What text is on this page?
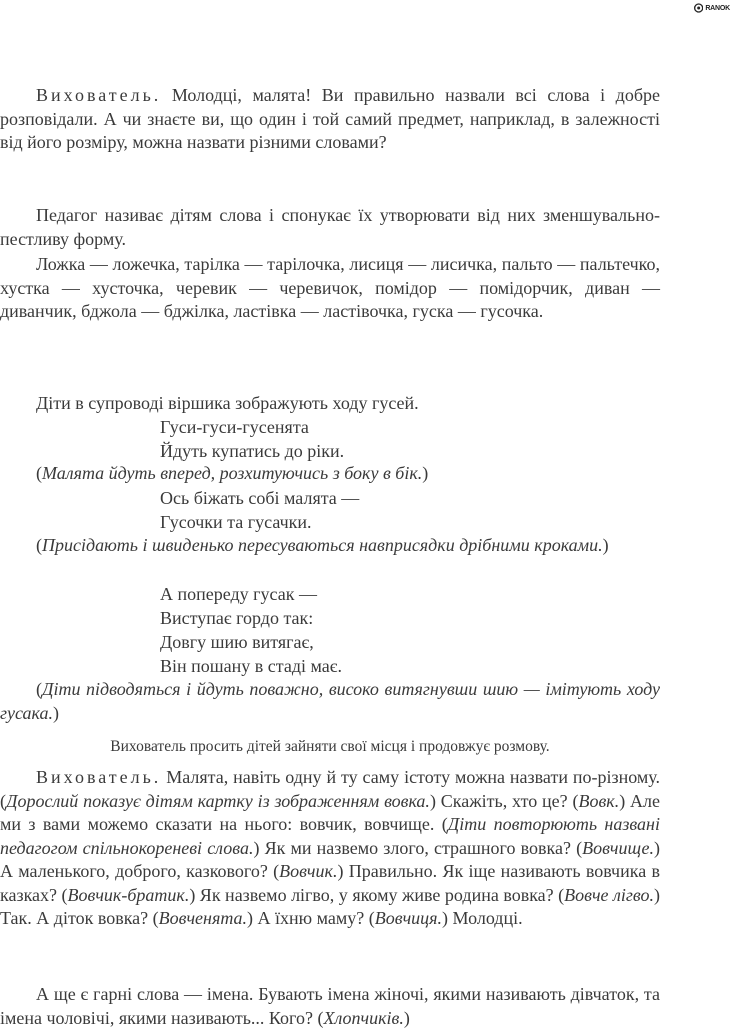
RANOK

Вихователь. Молодці, малята! Ви правильно назвали всі слова і добре розповідали. А чи знаєте ви, що один і той самий предмет, наприклад, в залежності від його розміру, можна назвати різними словами?

Педагог називає дітям слова і спонукає їх утворювати від них зменшувально-пестливу форму.

Ложка — ложечка, тарілка — тарілочка, лисиця — лисичка, пальто — пальтечко, хустка — хусточка, черевик — черевичок, помідор — помідорчик, диван — диванчик, бджола — бджілка, ластівка — ластівочка, гуска — гусочка.

Діти в супроводі віршика зображують ходу гусей.

Гуси-гуси-гусенята

Йдуть купатись до ріки.

(Малята йдуть вперед, розхитуючись з боку в бік.)

Ось біжать собі малята —

Гусочки та гусачки.

(Присідають і швиденько пересуваються навприсядки дрібними кроками.)

А попереду гусак —

Виступає гордо так:

Довгу шию витягає,

Він пошану в стаді має.

(Діти підводяться і йдуть поважно, високо витягнувши шию — імітують ходу гусака.)

Вихователь просить дітей зайняти свої місця і продовжує розмову.

Вихователь. Малята, навіть одну й ту саму істоту можна назвати по-різному. (Дорослий показує дітям картку із зображенням вовка.) Скажіть, хто це? (Вовк.) Але ми з вами можемо сказати на нього: вовчик, вовчище. (Діти повторюють названі педагогом спільнокореневі слова.) Як ми назвемо злого, страшного вовка? (Вовчище.) А маленького, доброго, казкового? (Вовчик.) Правильно. Як іще називають вовчика в казках? (Вовчик-братик.) Як назвемо лігво, у якому живе родина вовка? (Вовче лігво.) Так. А діток вовка? (Вовченята.) А їхню маму? (Вовчиця.) Молодці.

А ще є гарні слова — імена. Бувають імена жіночі, якими називають дівчаток, та імена чоловічі, якими називають... Кого? (Хлопчиків.)
